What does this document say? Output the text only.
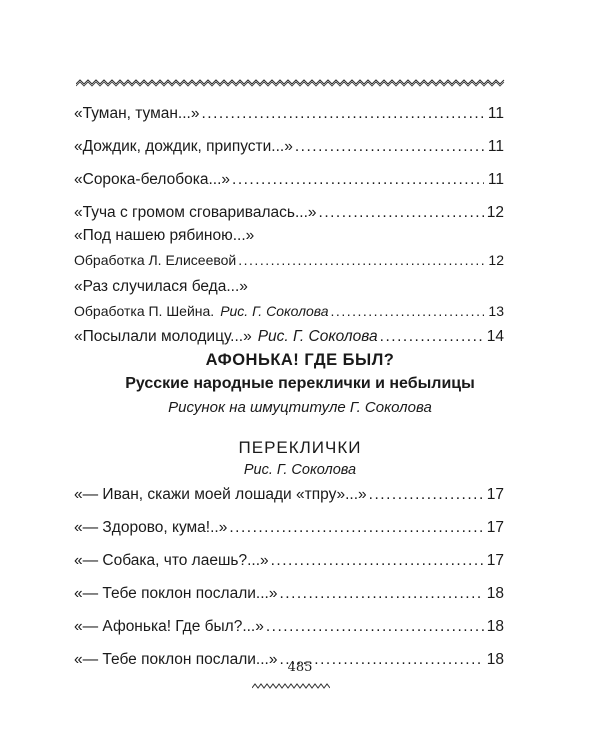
«Туман, туман...» .....	11
«Дождик, дождик, припусти...» .....	11
«Сорока-белобока...» .....	11
«Туча с громом сговаривалась...» .....	12
«Под нашею рябиною...»
Обработка Л. Елисеевой .....	12
«Раз случилася беда...»
Обработка П. Шейна. Рис. Г. Соколова .....	13
«Посылали молодицу...» Рис. Г. Соколова .....	14
АФОНЬКА! ГДЕ БЫЛ?
Русские народные переклички и небылицы
Рисунок на шмуцтитуле Г. Соколова
ПЕРЕКЛИЧКИ
Рис. Г. Соколова
«— Иван, скажи моей лошади «тпру»...» .....	17
«— Здорово, кума!..» .....	17
«— Собака, что лаешь?...» .....	17
«— Тебе поклон послали...» .....	18
«— Афонька! Где был?...» .....	18
«— Тебе поклон послали...» .....	18
485
